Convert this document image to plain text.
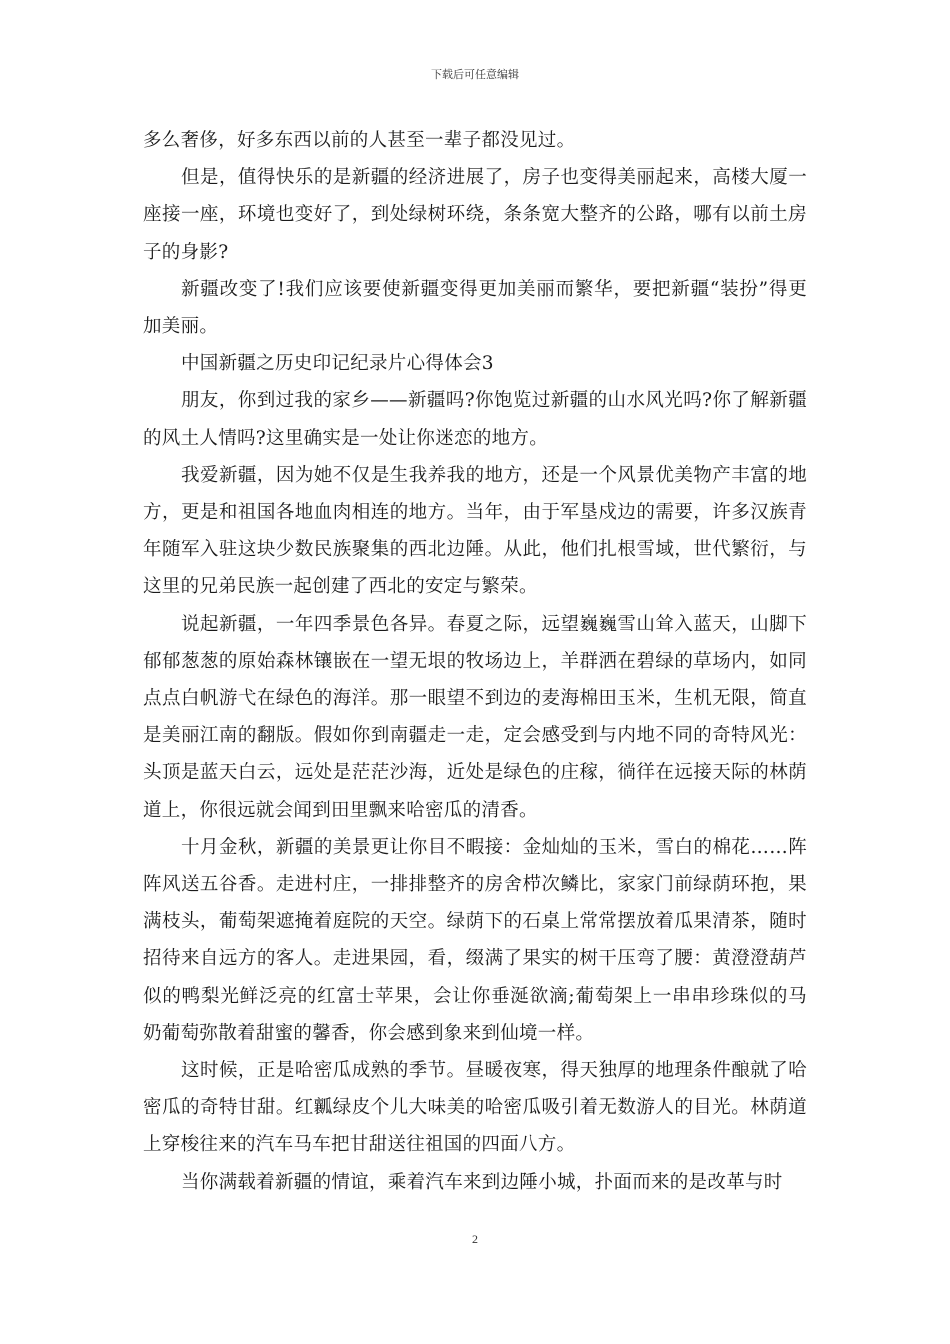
下载后可任意编辑

多么奢侈，好多东西以前的人甚至一辈子都没见过。

但是，值得快乐的是新疆的经济进展了，房子也变得美丽起来，高楼大厦一座接一座，环境也变好了，到处绿树环绕，条条宽大整齐的公路，哪有以前土房子的身影?

新疆改变了!我们应该要使新疆变得更加美丽而繁华，要把新疆“装扮”得更加美丽。

中国新疆之历史印记纪录片心得体会3

朋友，你到过我的家乡——新疆吗?你饱览过新疆的山水风光吗?你了解新疆的风土人情吗?这里确实是一处让你迷恋的地方。

我爱新疆，因为她不仅是生我养我的地方，还是一个风景优美物产丰富的地方，更是和祖国各地血肉相连的地方。当年，由于军垦戍边的需要，许多汉族青年随军入驻这块少数民族聚集的西北边陲。从此，他们扎根雪域，世代繁衍，与这里的兄弟民族一起创建了西北的安定与繁荣。

说起新疆，一年四季景色各异。春夏之际，远望巍巍雪山耸入蓝天，山脚下郁郁葱葱的原始森林镶嵌在一望无垠的牧场边上，羊群洒在碧绿的草场内，如同点点白帆游弋在绿色的海洋。那一眼望不到边的麦海棉田玉米，生机无限，简直是美丽江南的翻版。假如你到南疆走一走，定会感受到与内地不同的奇特风光：头顶是蓝天白云，远处是茫茫沙海，近处是绿色的庄稼，徜徉在远接天际的林荫道上，你很远就会闻到田里飘来哈密瓜的清香。

十月金秋，新疆的美景更让你目不暇接：金灿灿的玉米，雪白的棉花……阵阵风送五谷香。走进村庄，一排排整齐的房舍栉次鳞比，家家门前绿荫环抱，果满枝头，葡萄架遮掩着庭院的天空。绿荫下的石桌上常常摆放着瓜果清茶，随时招待来自远方的客人。走进果园，看，缀满了果实的树干压弯了腰：黄澄澄葫芦似的鸭梨光鲜泛亮的红富士苹果，会让你垂涎欲滴;葡萄架上一串串珍珠似的马奶葡萄弥散着甜蜜的馨香，你会感到象来到仙境一样。

这时候，正是哈密瓜成熟的季节。昼暖夜寒，得天独厚的地理条件酿就了哈密瓜的奇特甘甜。红瓤绿皮个儿大味美的哈密瓜吸引着无数游人的目光。林荫道上穿梭往来的汽车马车把甘甜送往祖国的四面八方。

当你满载着新疆的情谊，乘着汽车来到边陲小城，扑面而来的是改革与时

2
